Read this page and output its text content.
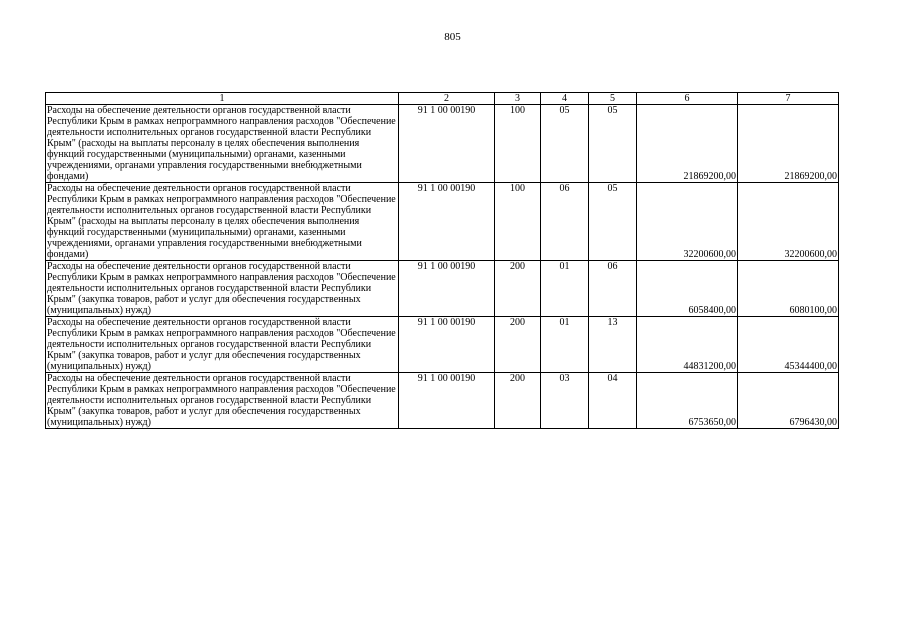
805
1	2	3	4	5	6	7
Расходы на обеспечение деятельности органов государственной власти Республики Крым в рамках непрограммного направления расходов "Обеспечение деятельности исполнительных органов государственной власти Республики Крым" (расходы на выплаты персоналу в целях обеспечения выполнения функций государственными (муниципальными) органами, казенными учреждениями, органами управления государственными внебюджетными фондами)	91 1 00 00190	100	05	05	21869200,00	21869200,00
Расходы на обеспечение деятельности органов государственной власти Республики Крым в рамках непрограммного направления расходов "Обеспечение деятельности исполнительных органов государственной власти Республики Крым" (расходы на выплаты персоналу в целях обеспечения выполнения функций государственными (муниципальными) органами, казенными учреждениями, органами управления государственными внебюджетными фондами)	91 1 00 00190	100	06	05	32200600,00	32200600,00
Расходы на обеспечение деятельности органов государственной власти Республики Крым в рамках непрограммного направления расходов "Обеспечение деятельности исполнительных органов государственной власти Республики Крым" (закупка товаров, работ и услуг для обеспечения государственных (муниципальных) нужд)	91 1 00 00190	200	01	06	6058400,00	6080100,00
Расходы на обеспечение деятельности органов государственной власти Республики Крым в рамках непрограммного направления расходов "Обеспечение деятельности исполнительных органов государственной власти Республики Крым" (закупка товаров, работ и услуг для обеспечения государственных (муниципальных) нужд)	91 1 00 00190	200	01	13	44831200,00	45344400,00
Расходы на обеспечение деятельности органов государственной власти Республики Крым в рамках непрограммного направления расходов "Обеспечение деятельности исполнительных органов государственной власти Республики Крым" (закупка товаров, работ и услуг для обеспечения государственных (муниципальных) нужд)	91 1 00 00190	200	03	04	6753650,00	6796430,00
